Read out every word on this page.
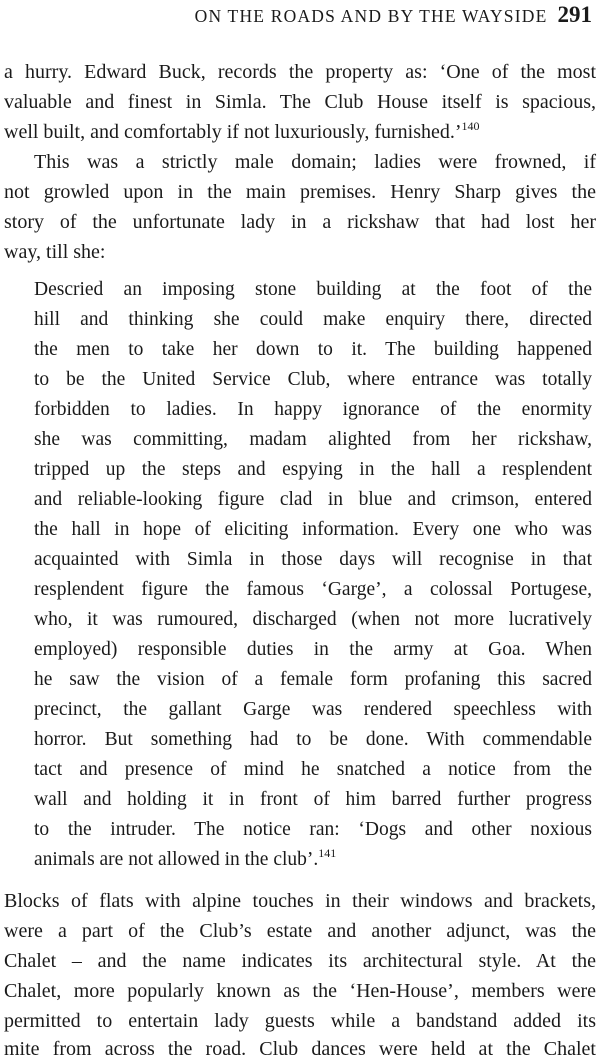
ON THE ROADS AND BY THE WAYSIDE 291
a hurry. Edward Buck, records the property as: ‘One of the most
valuable and finest in Simla. The Club House itself is spacious,
well built, and comfortably if not luxuriously, furnished.’$^{140}$
This was a strictly male domain; ladies were frowned, if
not growled upon in the main premises. Henry Sharp gives the
story of the unfortunate lady in a rickshaw that had lost her
way, till she:
Descried an imposing stone building at the foot of the
hill and thinking she could make enquiry there, directed
the men to take her down to it. The building happened
to be the United Service Club, where entrance was totally
forbidden to ladies. In happy ignorance of the enormity
she was committing, madam alighted from her rickshaw,
tripped up the steps and espying in the hall a resplendent
and reliable-looking figure clad in blue and crimson, entered
the hall in hope of eliciting information. Every one who was
acquainted with Simla in those days will recognise in that
resplendent figure the famous ‘Garge’, a colossal Portugese,
who, it was rumoured, discharged (when not more lucratively
employed) responsible duties in the army at Goa. When
he saw the vision of a female form profaning this sacred
precinct, the gallant Garge was rendered speechless with
horror. But something had to be done. With commendable
tact and presence of mind he snatched a notice from the
wall and holding it in front of him barred further progress
to the intruder. The notice ran: ‘Dogs and other noxious
animals are not allowed in the club’.$^{141}$
Blocks of flats with alpine touches in their windows and brackets,
were a part of the Club’s estate and another adjunct, was the
Chalet – and the name indicates its architectural style. At the
Chalet, more popularly known as the ‘Hen-House’, members were
permitted to entertain lady guests while a bandstand added its
mite from across the road. Club dances were held at the Chalet
